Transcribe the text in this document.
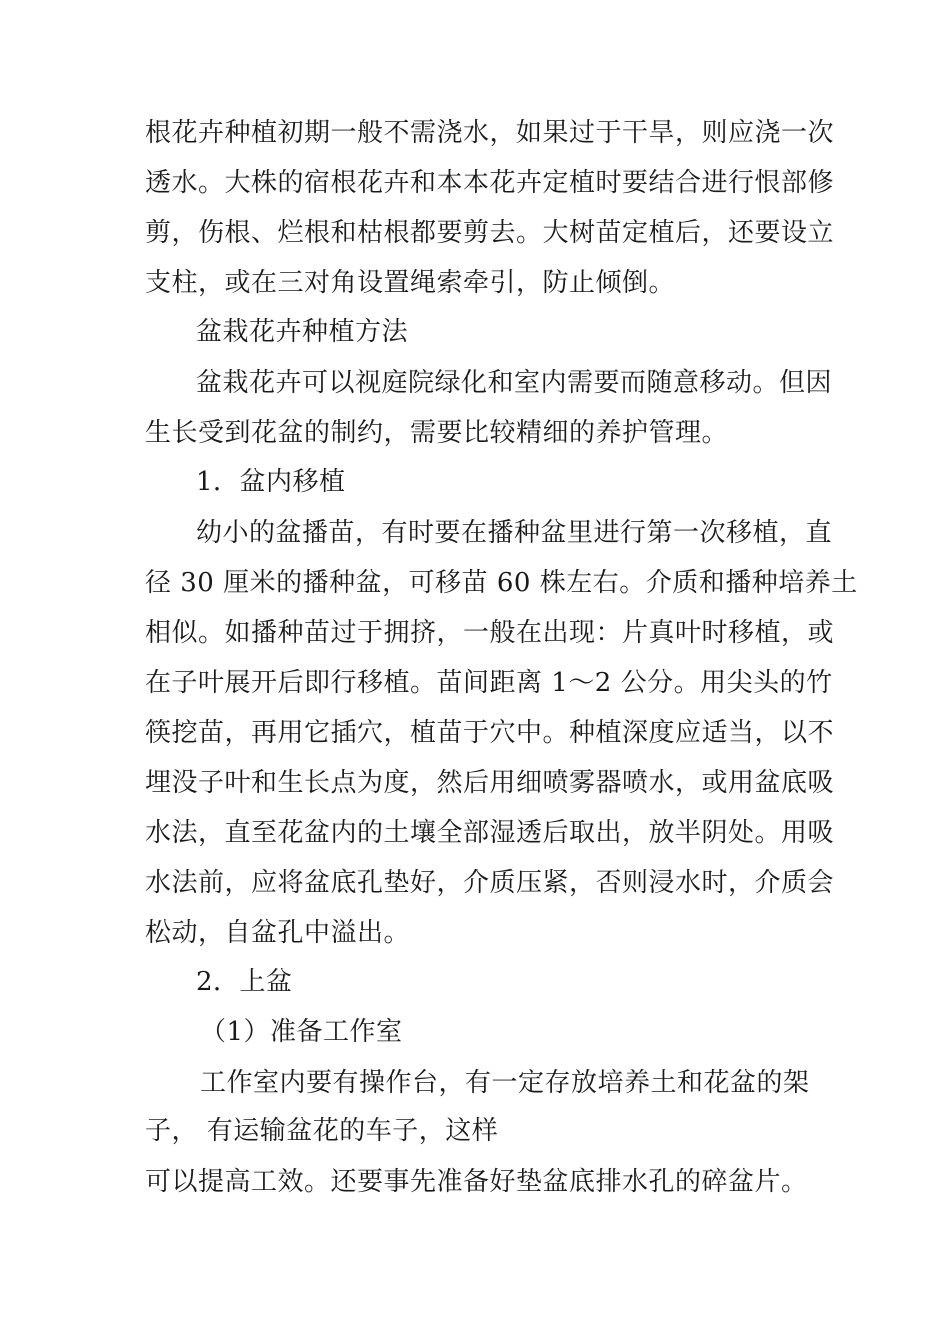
根花卉种植初期一般不需浇水，如果过于干旱，则应浇一次
透水。大株的宿根花卉和本本花卉定植时要结合进行恨部修
剪，伤根、烂根和枯根都要剪去。大树苗定植后，还要设立
支柱，或在三对角设置绳索牵引，防止倾倒。
盆栽花卉种植方法
盆栽花卉可以视庭院绿化和室内需要而随意移动。但因
生长受到花盆的制约，需要比较精细的养护管理。
1．盆内移植
幼小的盆播苗，有时要在播种盆里进行第一次移植，直
径 30 厘米的播种盆，可移苗 60 株左右。介质和播种培养土
相似。如播种苗过于拥挤，一般在出现：片真叶时移植，或
在子叶展开后即行移植。苗间距离 1～2 公分。用尖头的竹
筷挖苗，再用它插穴，植苗于穴中。种植深度应适当，以不
埋没子叶和生长点为度，然后用细喷雾器喷水，或用盆底吸
水法，直至花盆内的土壤全部湿透后取出，放半阴处。用吸
水法前，应将盆底孔垫好，介质压紧，否则浸水时，介质会
松动，自盆孔中溢出。
2．上盆
（1）准备工作室
工作室内要有操作台，有一定存放培养土和花盆的架
子， 有运输盆花的车子，这样
可以提高工效。还要事先准备好垫盆底排水孔的碎盆片。
